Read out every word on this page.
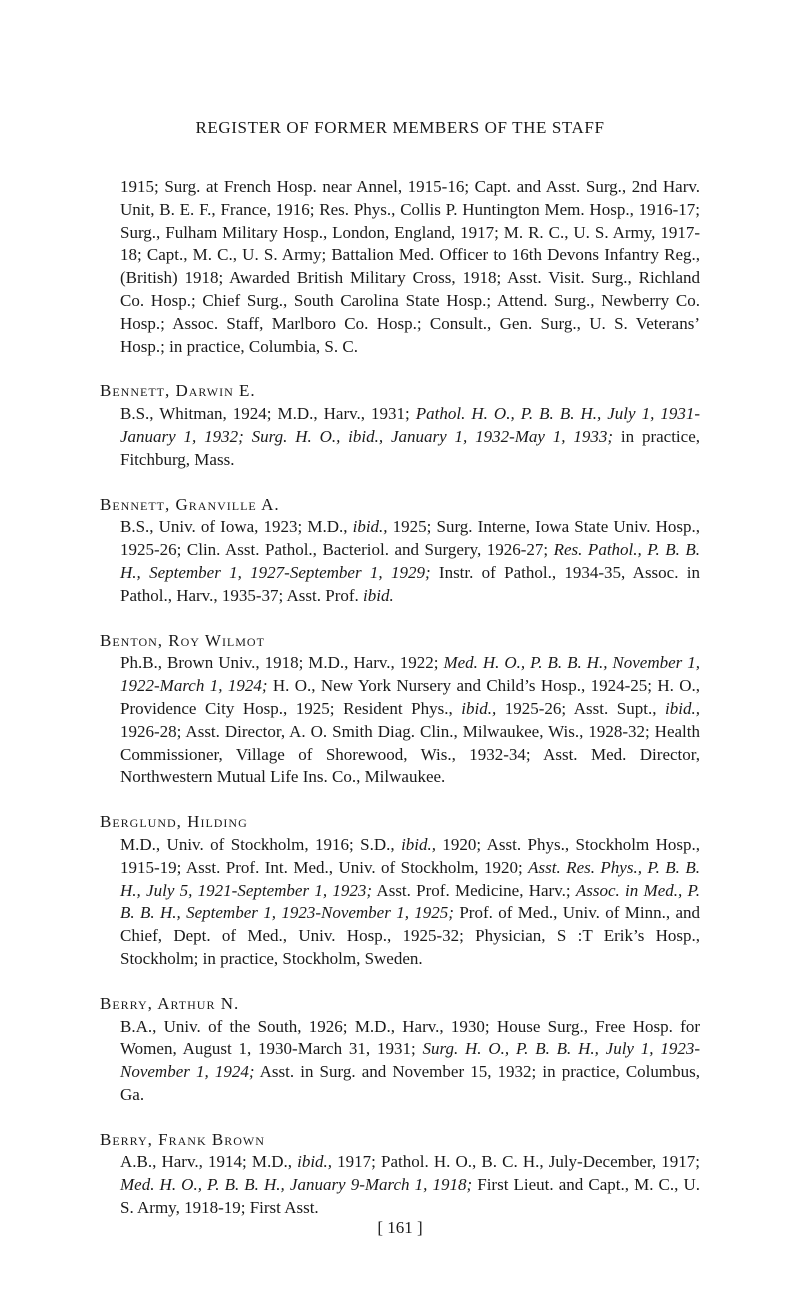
REGISTER OF FORMER MEMBERS OF THE STAFF

1915; Surg. at French Hosp. near Annel, 1915-16; Capt. and Asst. Surg., 2nd Harv. Unit, B. E. F., France, 1916; Res. Phys., Collis P. Huntington Mem. Hosp., 1916-17; Surg., Fulham Military Hosp., London, England, 1917; M. R. C., U. S. Army, 1917-18; Capt., M. C., U. S. Army; Battalion Med. Officer to 16th Devons Infantry Reg., (British) 1918; Awarded British Military Cross, 1918; Asst. Visit. Surg., Richland Co. Hosp.; Chief Surg., South Carolina State Hosp.; Attend. Surg., Newberry Co. Hosp.; Assoc. Staff, Marlboro Co. Hosp.; Consult., Gen. Surg., U. S. Veterans’ Hosp.; in practice, Columbia, S. C.

Bennett, Darwin E.
B.S., Whitman, 1924; M.D., Harv., 1931; Pathol. H. O., P. B. B. H., July 1, 1931-January 1, 1932; Surg. H. O., ibid., January 1, 1932-May 1, 1933; in practice, Fitchburg, Mass.
Bennett, Granville A.
B.S., Univ. of Iowa, 1923; M.D., ibid., 1925; Surg. Interne, Iowa State Univ. Hosp., 1925-26; Clin. Asst. Pathol., Bacteriol. and Surgery, 1926-27; Res. Pathol., P. B. B. H., September 1, 1927-September 1, 1929; Instr. of Pathol., 1934-35, Assoc. in Pathol., Harv., 1935-37; Asst. Prof. ibid.
Benton, Roy Wilmot
Ph.B., Brown Univ., 1918; M.D., Harv., 1922; Med. H. O., P. B. B. H., November 1, 1922-March 1, 1924; H. O., New York Nursery and Child’s Hosp., 1924-25; H. O., Providence City Hosp., 1925; Resident Phys., ibid., 1925-26; Asst. Supt., ibid., 1926-28; Asst. Director, A. O. Smith Diag. Clin., Milwaukee, Wis., 1928-32; Health Commissioner, Village of Shorewood, Wis., 1932-34; Asst. Med. Director, Northwestern Mutual Life Ins. Co., Milwaukee.
Berglund, Hilding
M.D., Univ. of Stockholm, 1916; S.D., ibid., 1920; Asst. Phys., Stockholm Hosp., 1915-19; Asst. Prof. Int. Med., Univ. of Stockholm, 1920; Asst. Res. Phys., P. B. B. H., July 5, 1921-September 1, 1923; Asst. Prof. Medicine, Harv.; Assoc. in Med., P. B. B. H., September 1, 1923-November 1, 1925; Prof. of Med., Univ. of Minn., and Chief, Dept. of Med., Univ. Hosp., 1925-32; Physician, S :T Erik’s Hosp., Stockholm; in practice, Stockholm, Sweden.
Berry, Arthur N.
B.A., Univ. of the South, 1926; M.D., Harv., 1930; House Surg., Free Hosp. for Women, August 1, 1930-March 31, 1931; Surg. H. O., P. B. B. H., July 1, 1923-November 1, 1924; Asst. in Surg. and November 15, 1932; in practice, Columbus, Ga.
Berry, Frank Brown
A.B., Harv., 1914; M.D., ibid., 1917; Pathol. H. O., B. C. H., July-December, 1917; Med. H. O., P. B. B. H., January 9-March 1, 1918; First Lieut. and Capt., M. C., U. S. Army, 1918-19; First Asst.
[ 161 ]
